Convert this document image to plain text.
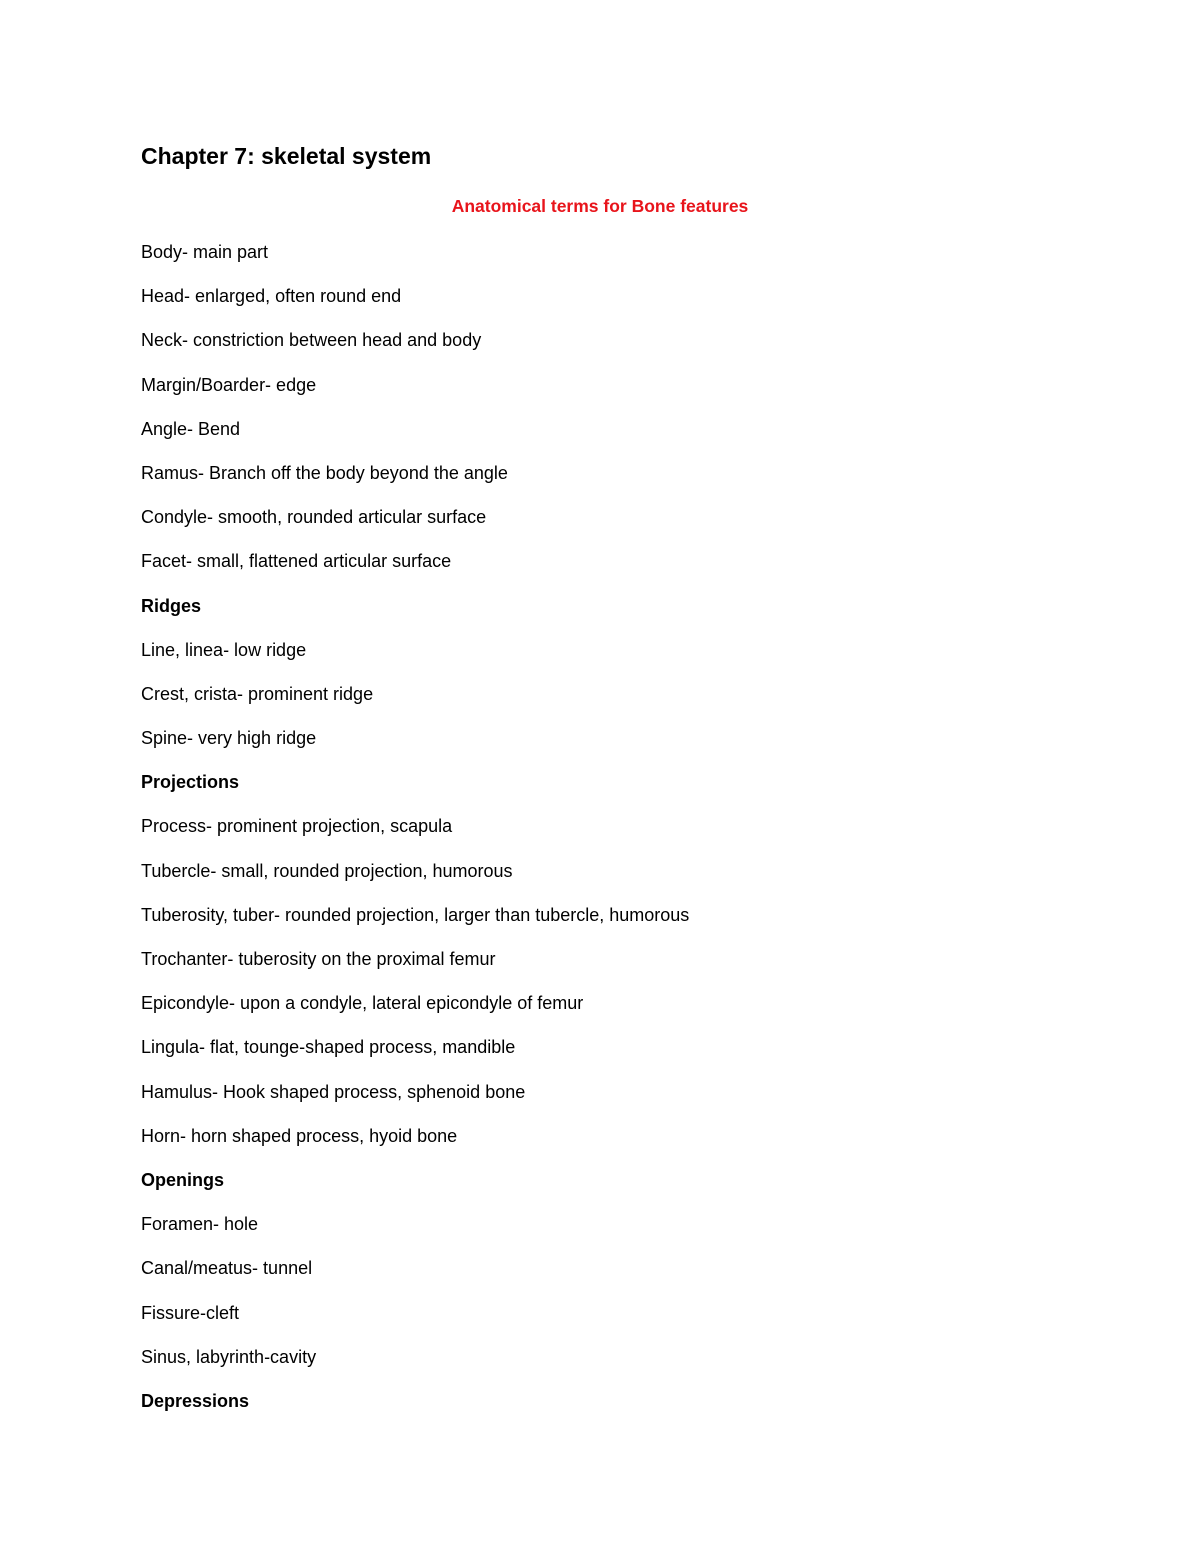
Chapter 7: skeletal system
Anatomical terms for Bone features
Body- main part
Head- enlarged, often round end
Neck- constriction between head and body
Margin/Boarder- edge
Angle- Bend
Ramus- Branch off the body beyond the angle
Condyle- smooth, rounded articular surface
Facet- small, flattened articular surface
Ridges
Line, linea- low ridge
Crest, crista- prominent ridge
Spine- very high ridge
Projections
Process- prominent projection, scapula
Tubercle- small, rounded projection, humorous
Tuberosity, tuber- rounded projection, larger than tubercle, humorous
Trochanter- tuberosity on the proximal femur
Epicondyle- upon a condyle, lateral epicondyle of femur
Lingula- flat, tounge-shaped process, mandible
Hamulus- Hook shaped process, sphenoid bone
Horn- horn shaped process, hyoid bone
Openings
Foramen- hole
Canal/meatus- tunnel
Fissure-cleft
Sinus, labyrinth-cavity
Depressions
